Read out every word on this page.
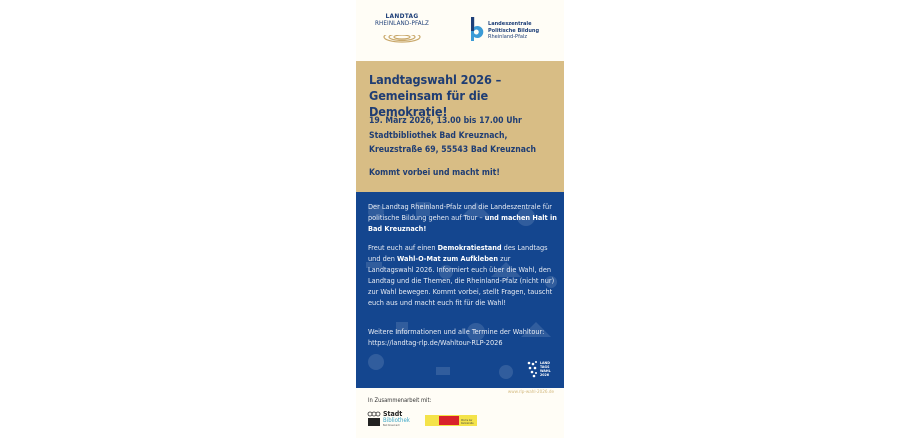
LANDTAG
RHEINLAND-PFALZ	Landeszentrale
Politische Bildung
Rheinland-Pfalz
Landtagswahl 2026 –
Gemeinsam für die Demokratie!
19. März 2026, 13.00 bis 17.00 Uhr
Stadtbibliothek Bad Kreuznach,
Kreuzstraße 69, 55543 Bad Kreuznach
Kommt vorbei und macht mit!
Der Landtag Rheinland-Pfalz und die Landeszentrale für politische Bildung gehen auf Tour – und machen Halt in Bad Kreuznach!
Freut euch auf einen Demokratiestand des Landtags und den Wahl-O-Mat zum Aufkleben zur Landtagswahl 2026. Informiert euch über die Wahl, den Landtag und die Themen, die Rheinland-Pfalz (nicht nur) zur Wahl bewegen. Kommt vorbei, stellt Fragen, tauscht euch aus und macht euch fit für die Wahl!
Weitere Informationen und alle Termine der Wahltour:
https://landtag-rlp.de/Wahltour-RLP-2026
LAND TAGS WAHL 2026
www.rlp-wahl-2026.de
In Zusammenarbeit mit:
Stadt
Bibliothek
Bad Kreuznach
Woche der Demokratie
